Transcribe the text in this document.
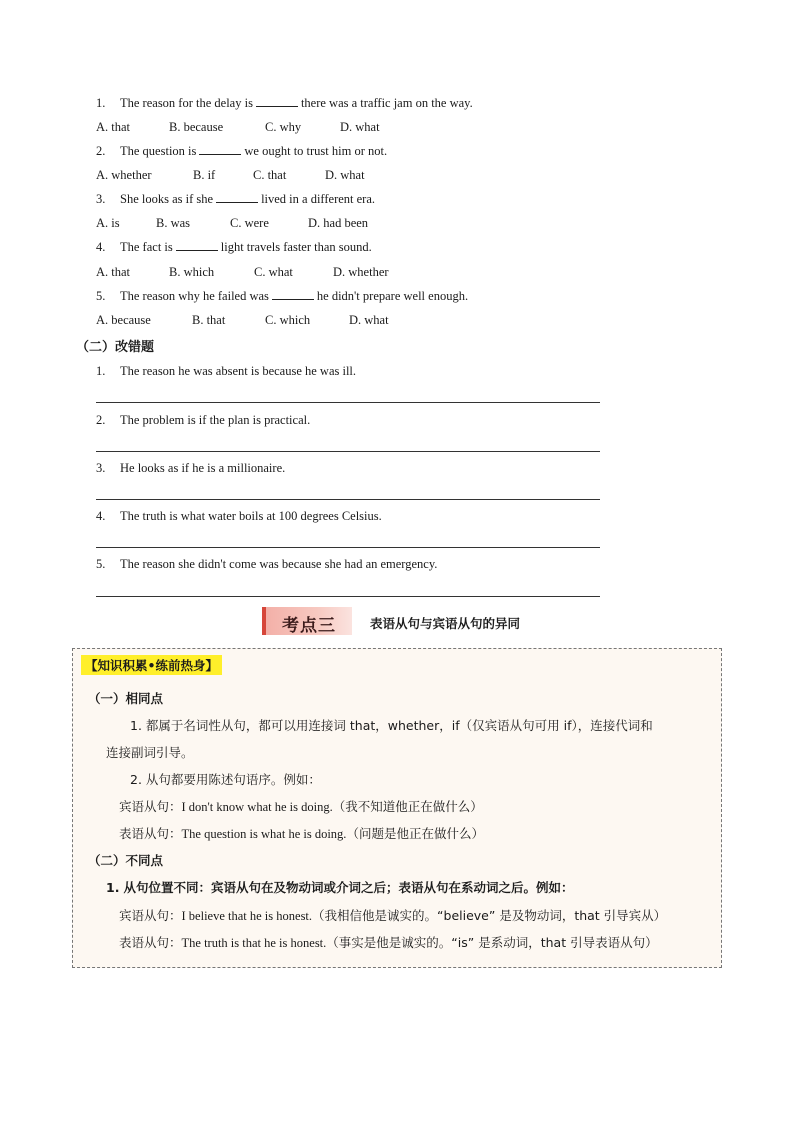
1. The reason for the delay is	there was a traffic jam on the way.
A. that	B. because	C. why	D. what
2. The question is	we ought to trust him or not.
A. whether	B. if	C. that	D. what
3. She looks as if she	lived in a different era.
A. is	B. was	C. were	D. had been
4. The fact is	light travels faster than sound.
A. that	B. which	C. what	D. whether
5. The reason why he failed was	he didn't prepare well enough.
A. because	B. that	C. which	D. what
（二）改错题
1. The reason he was absent is because he was ill.
2. The problem is if the plan is practical.
3. He looks as if he is a millionaire.
4. The truth is what water boils at 100 degrees Celsius.
5. The reason she didn't come was because she had an emergency.
考点三	表语从句与宾语从句的异同
【知识积累•练前热身】
（一）相同点
1. 都属于名词性从句，都可以用连接词 that，whether，if（仅宾语从句可用 if），连接代词和
连接副词引导。
2. 从句都要用陈述句语序。例如：
宾语从句：I don't know what he is doing.（我不知道他正在做什么）
表语从句：The question is what he is doing.（问题是他正在做什么）
（二）不同点
1. 从句位置不同：宾语从句在及物动词或介词之后；表语从句在系动词之后。例如：
宾语从句：I believe that he is honest.（我相信他是诚实的。“believe” 是及物动词，that 引导宾从）
表语从句：The truth is that he is honest.（事实是他是诚实的。“is” 是系动词，that 引导表语从句）
